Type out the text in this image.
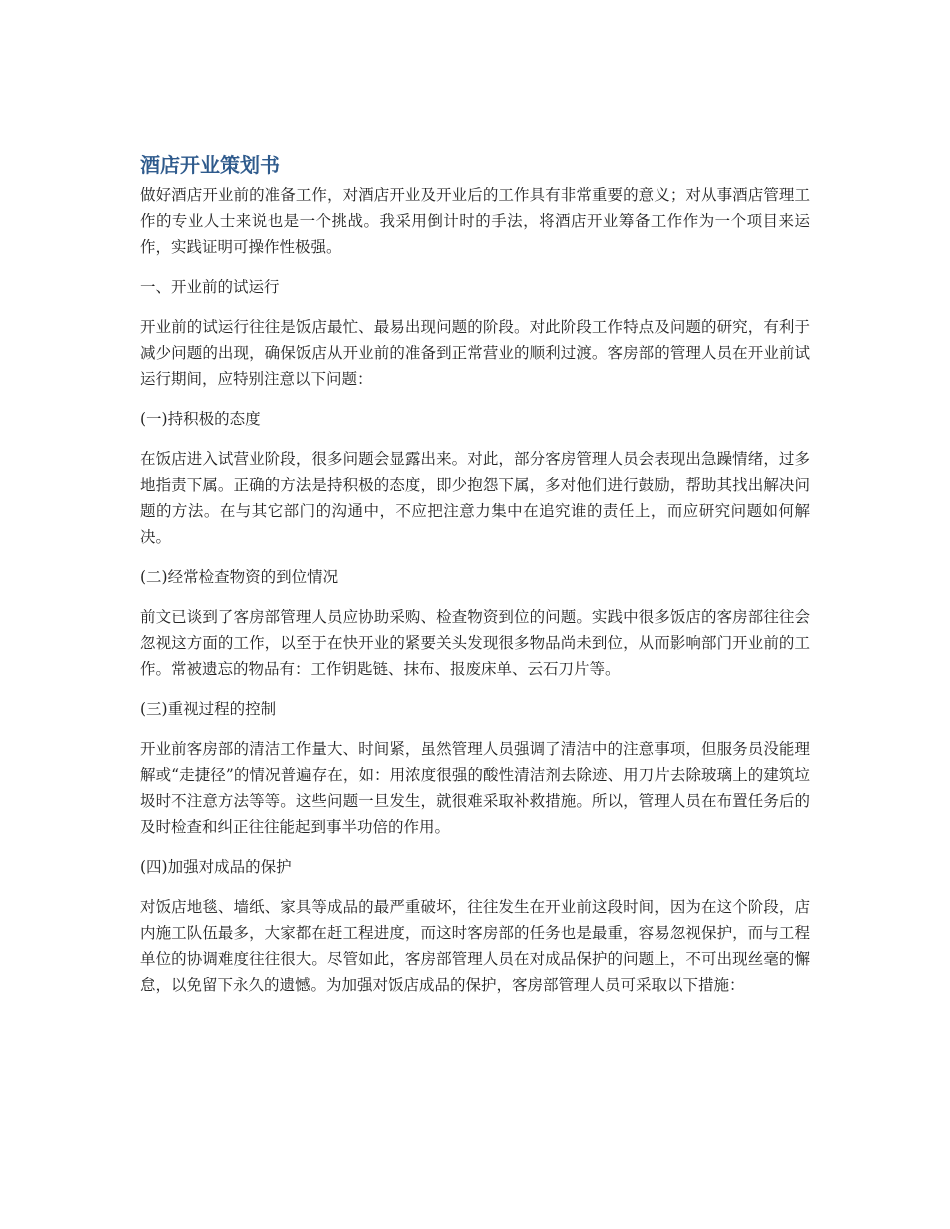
酒店开业策划书

做好酒店开业前的准备工作，对酒店开业及开业后的工作具有非常重要的意义；对从事酒店管理工作的专业人士来说也是一个挑战。我采用倒计时的手法，将酒店开业筹备工作作为一个项目来运作，实践证明可操作性极强。

一、开业前的试运行

开业前的试运行往往是饭店最忙、最易出现问题的阶段。对此阶段工作特点及问题的研究，有利于减少问题的出现，确保饭店从开业前的准备到正常营业的顺利过渡。客房部的管理人员在开业前试运行期间，应特别注意以下问题：

(一)持积极的态度

在饭店进入试营业阶段，很多问题会显露出来。对此，部分客房管理人员会表现出急躁情绪，过多地指责下属。正确的方法是持积极的态度，即少抱怨下属，多对他们进行鼓励，帮助其找出解决问题的方法。在与其它部门的沟通中，不应把注意力集中在追究谁的责任上，而应研究问题如何解决。

(二)经常检查物资的到位情况

前文已谈到了客房部管理人员应协助采购、检查物资到位的问题。实践中很多饭店的客房部往往会忽视这方面的工作，以至于在快开业的紧要关头发现很多物品尚未到位，从而影响部门开业前的工作。常被遗忘的物品有：工作钥匙链、抹布、报废床单、云石刀片等。

(三)重视过程的控制

开业前客房部的清洁工作量大、时间紧，虽然管理人员强调了清洁中的注意事项，但服务员没能理解或“走捷径”的情况普遍存在，如：用浓度很强的酸性清洁剂去除迹、用刀片去除玻璃上的建筑垃圾时不注意方法等等。这些问题一旦发生，就很难采取补救措施。所以，管理人员在布置任务后的及时检查和纠正往往能起到事半功倍的作用。

(四)加强对成品的保护

对饭店地毯、墙纸、家具等成品的最严重破坏，往往发生在开业前这段时间，因为在这个阶段，店内施工队伍最多，大家都在赶工程进度，而这时客房部的任务也是最重，容易忽视保护，而与工程单位的协调难度往往很大。尽管如此，客房部管理人员在对成品保护的问题上，不可出现丝毫的懈怠，以免留下永久的遗憾。为加强对饭店成品的保护，客房部管理人员可采取以下措施：
